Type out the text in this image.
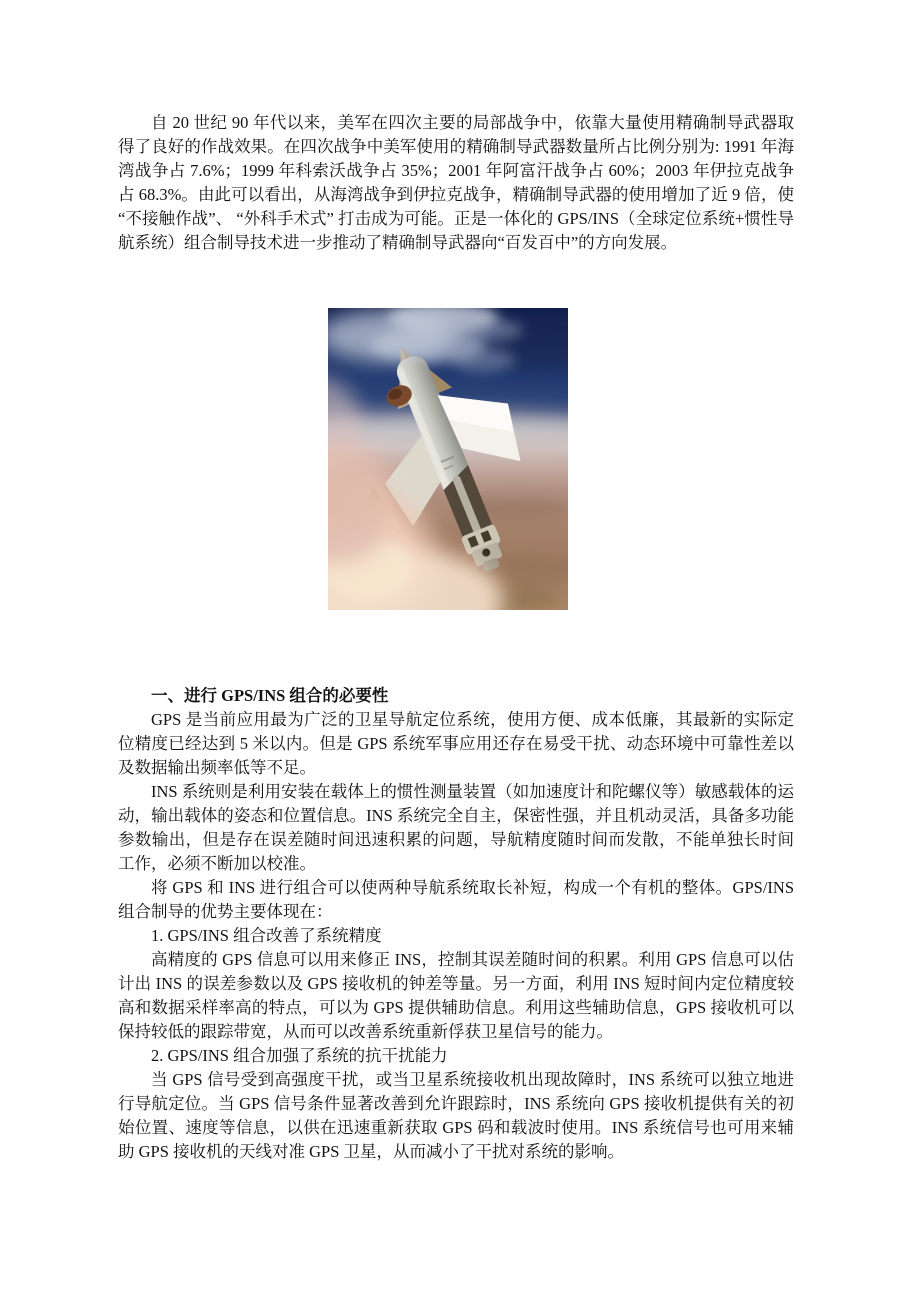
自 20 世纪 90 年代以来，美军在四次主要的局部战争中，依靠大量使用精确制导武器取得了良好的作战效果。在四次战争中美军使用的精确制导武器数量所占比例分别为: 1991 年海湾战争占 7.6%；1999 年科索沃战争占 35%；2001 年阿富汗战争占 60%；2003 年伊拉克战争占 68.3%。由此可以看出，从海湾战争到伊拉克战争，精确制导武器的使用增加了近 9 倍，使“不接触作战”、 “外科手术式” 打击成为可能。正是一体化的 GPS/INS（全球定位系统+惯性导航系统）组合制导技术进一步推动了精确制导武器向“百发百中”的方向发展。

一、进行 GPS/INS 组合的必要性

GPS 是当前应用最为广泛的卫星导航定位系统，使用方便、成本低廉，其最新的实际定位精度已经达到 5 米以内。但是 GPS 系统军事应用还存在易受干扰、动态环境中可靠性差以及数据输出频率低等不足。

INS 系统则是利用安装在载体上的惯性测量装置（如加速度计和陀螺仪等）敏感载体的运动，输出载体的姿态和位置信息。INS 系统完全自主，保密性强，并且机动灵活，具备多功能参数输出，但是存在误差随时间迅速积累的问题，导航精度随时间而发散，不能单独长时间工作，必须不断加以校准。

将 GPS 和 INS 进行组合可以使两种导航系统取长补短，构成一个有机的整体。GPS/INS 组合制导的优势主要体现在：

1. GPS/INS 组合改善了系统精度

高精度的 GPS 信息可以用来修正 INS，控制其误差随时间的积累。利用 GPS 信息可以估计出 INS 的误差参数以及 GPS 接收机的钟差等量。另一方面，利用 INS 短时间内定位精度较高和数据采样率高的特点，可以为 GPS 提供辅助信息。利用这些辅助信息，GPS 接收机可以保持较低的跟踪带宽，从而可以改善系统重新俘获卫星信号的能力。

2. GPS/INS 组合加强了系统的抗干扰能力

当 GPS 信号受到高强度干扰，或当卫星系统接收机出现故障时，INS 系统可以独立地进行导航定位。当 GPS 信号条件显著改善到允许跟踪时，INS 系统向 GPS 接收机提供有关的初始位置、速度等信息，以供在迅速重新获取 GPS 码和载波时使用。INS 系统信号也可用来辅助 GPS 接收机的天线对准 GPS 卫星，从而减小了干扰对系统的影响。
